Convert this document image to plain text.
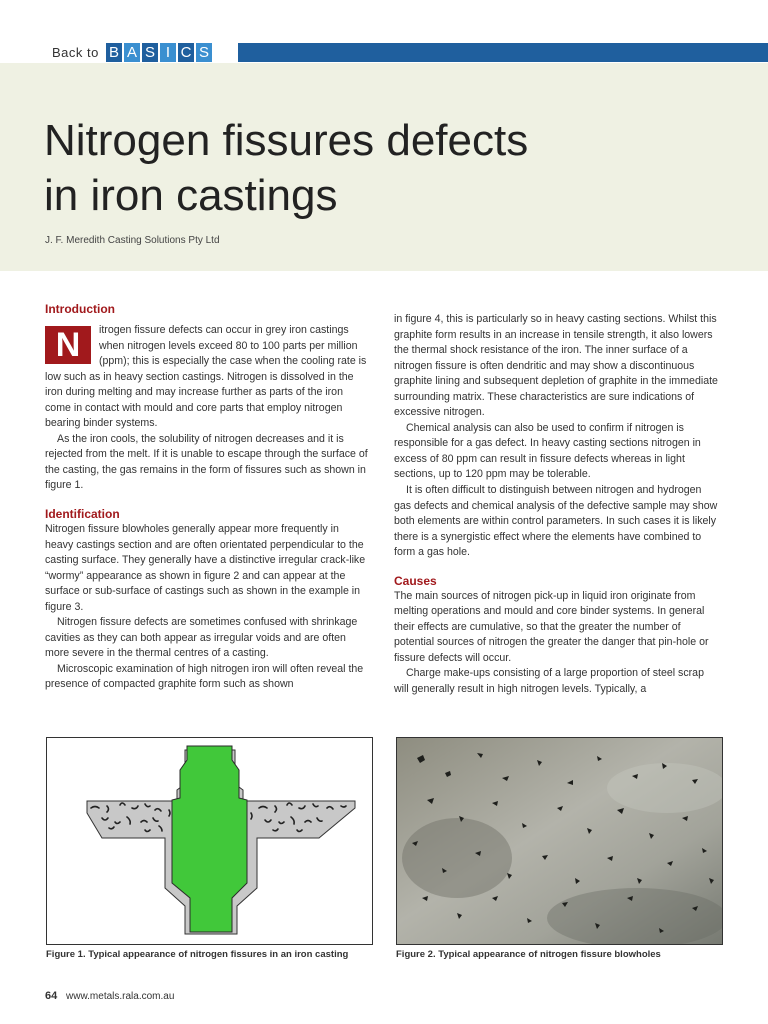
Back to B A S I C S
Nitrogen fissures defects
in iron castings
J. F. Meredith Casting Solutions Pty Ltd
Introduction

N	itrogen fissure defects can occur in grey iron castings when nitrogen levels exceed 80 to 100 parts per million (ppm); this is especially the case when the cooling rate is low such as in heavy section castings. Nitrogen is dissolved in the iron during melting and may increase further as parts of the iron come in contact with mould and core parts that employ nitrogen bearing binder systems.

As the iron cools, the solubility of nitrogen decreases and it is rejected from the melt. If it is unable to escape through the surface of the casting, the gas remains in the form of fissures such as shown in figure 1.

Identification

Nitrogen fissure blowholes generally appear more frequently in heavy castings section and are often orientated perpendicular to the casting surface. They generally have a distinctive irregular crack-like “wormy” appearance as shown in figure 2 and can appear at the surface or sub-surface of castings such as shown in the example in figure 3.

Nitrogen fissure defects are sometimes confused with shrinkage cavities as they can both appear as irregular voids and are often more severe in the thermal centres of a casting.

Microscopic examination of high nitrogen iron will often reveal the presence of compacted graphite form such as shown

in figure 4, this is particularly so in heavy casting sections. Whilst this graphite form results in an increase in tensile strength, it also lowers the thermal shock resistance of the iron. The inner surface of a nitrogen fissure is often dendritic and may show a discontinuous graphite lining and subsequent depletion of graphite in the immediate surrounding matrix. These characteristics are sure indications of excessive nitrogen.

Chemical analysis can also be used to confirm if nitrogen is responsible for a gas defect. In heavy casting sections nitrogen in excess of 80 ppm can result in fissure defects whereas in light sections, up to 120 ppm may be tolerable.

It is often difficult to distinguish between nitrogen and hydrogen gas defects and chemical analysis of the defective sample may show both elements are within control parameters. In such cases it is likely there is a synergistic effect where the elements have combined to form a gas hole.

Causes

The main sources of nitrogen pick-up in liquid iron originate from melting operations and mould and core binder systems. In general their effects are cumulative, so that the greater the number of potential sources of nitrogen the greater the danger that pin-hole or fissure defects will occur.

Charge make-ups consisting of a large proportion of steel scrap will generally result in high nitrogen levels. Typically, a

Figure 1. Typical appearance of nitrogen fissures in an iron casting	Figure 2. Typical appearance of nitrogen fissure blowholes
64 www.metals.rala.com.au
